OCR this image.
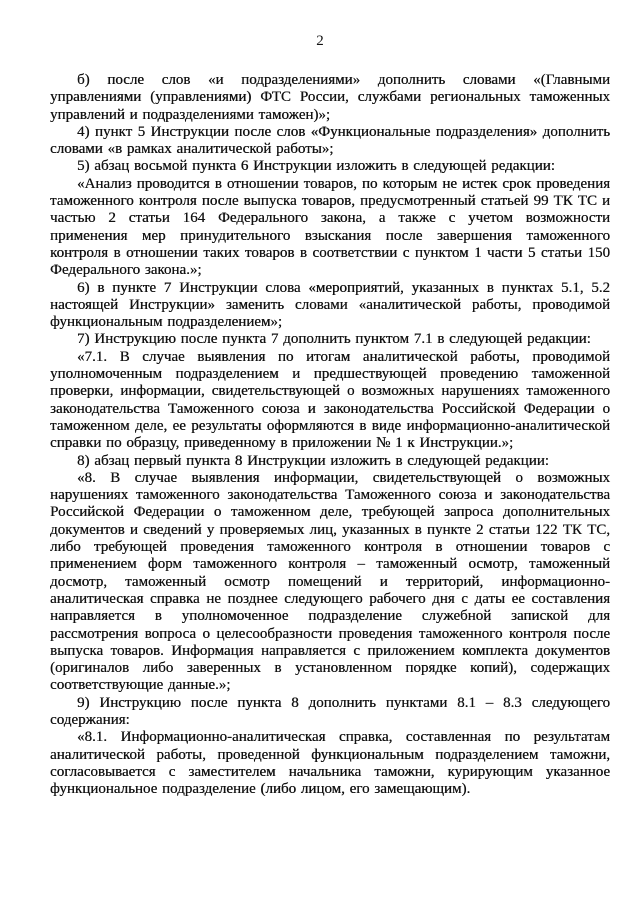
2

б) после слов «и подразделениями» дополнить словами «(Главными управлениями (управлениями) ФТС России, службами региональных таможенных управлений и подразделениями таможен)»;

4) пункт 5 Инструкции после слов «Функциональные подразделения» дополнить словами «в рамках аналитической работы»;

5) абзац восьмой пункта 6 Инструкции изложить в следующей редакции:

«Анализ проводится в отношении товаров, по которым не истек срок проведения таможенного контроля после выпуска товаров, предусмотренный статьей 99 ТК ТС и частью 2 статьи 164 Федерального закона, а также с учетом возможности применения мер принудительного взыскания после завершения таможенного контроля в отношении таких товаров в соответствии с пунктом 1 части 5 статьи 150 Федерального закона.»;

6) в пункте 7 Инструкции слова «мероприятий, указанных в пунктах 5.1, 5.2 настоящей Инструкции» заменить словами «аналитической работы, проводимой функциональным подразделением»;

7) Инструкцию после пункта 7 дополнить пунктом 7.1 в следующей редакции:

«7.1. В случае выявления по итогам аналитической работы, проводимой уполномоченным подразделением и предшествующей проведению таможенной проверки, информации, свидетельствующей о возможных нарушениях таможенного законодательства Таможенного союза и законодательства Российской Федерации о таможенном деле, ее результаты оформляются в виде информационно-аналитической справки по образцу, приведенному в приложении № 1 к Инструкции.»;

8) абзац первый пункта 8 Инструкции изложить в следующей редакции:

«8. В случае выявления информации, свидетельствующей о возможных нарушениях таможенного законодательства Таможенного союза и законодательства Российской Федерации о таможенном деле, требующей запроса дополнительных документов и сведений у проверяемых лиц, указанных в пункте 2 статьи 122 ТК ТС, либо требующей проведения таможенного контроля в отношении товаров с применением форм таможенного контроля – таможенный осмотр, таможенный досмотр, таможенный осмотр помещений и территорий, информационно-аналитическая справка не позднее следующего рабочего дня с даты ее составления направляется в уполномоченное подразделение служебной запиской для рассмотрения вопроса о целесообразности проведения таможенного контроля после выпуска товаров. Информация направляется с приложением комплекта документов (оригиналов либо заверенных в установленном порядке копий), содержащих соответствующие данные.»;

9) Инструкцию после пункта 8 дополнить пунктами 8.1 – 8.3 следующего содержания:

«8.1. Информационно-аналитическая справка, составленная по результатам аналитической работы, проведенной функциональным подразделением таможни, согласовывается с заместителем начальника таможни, курирующим указанное функциональное подразделение (либо лицом, его замещающим).
